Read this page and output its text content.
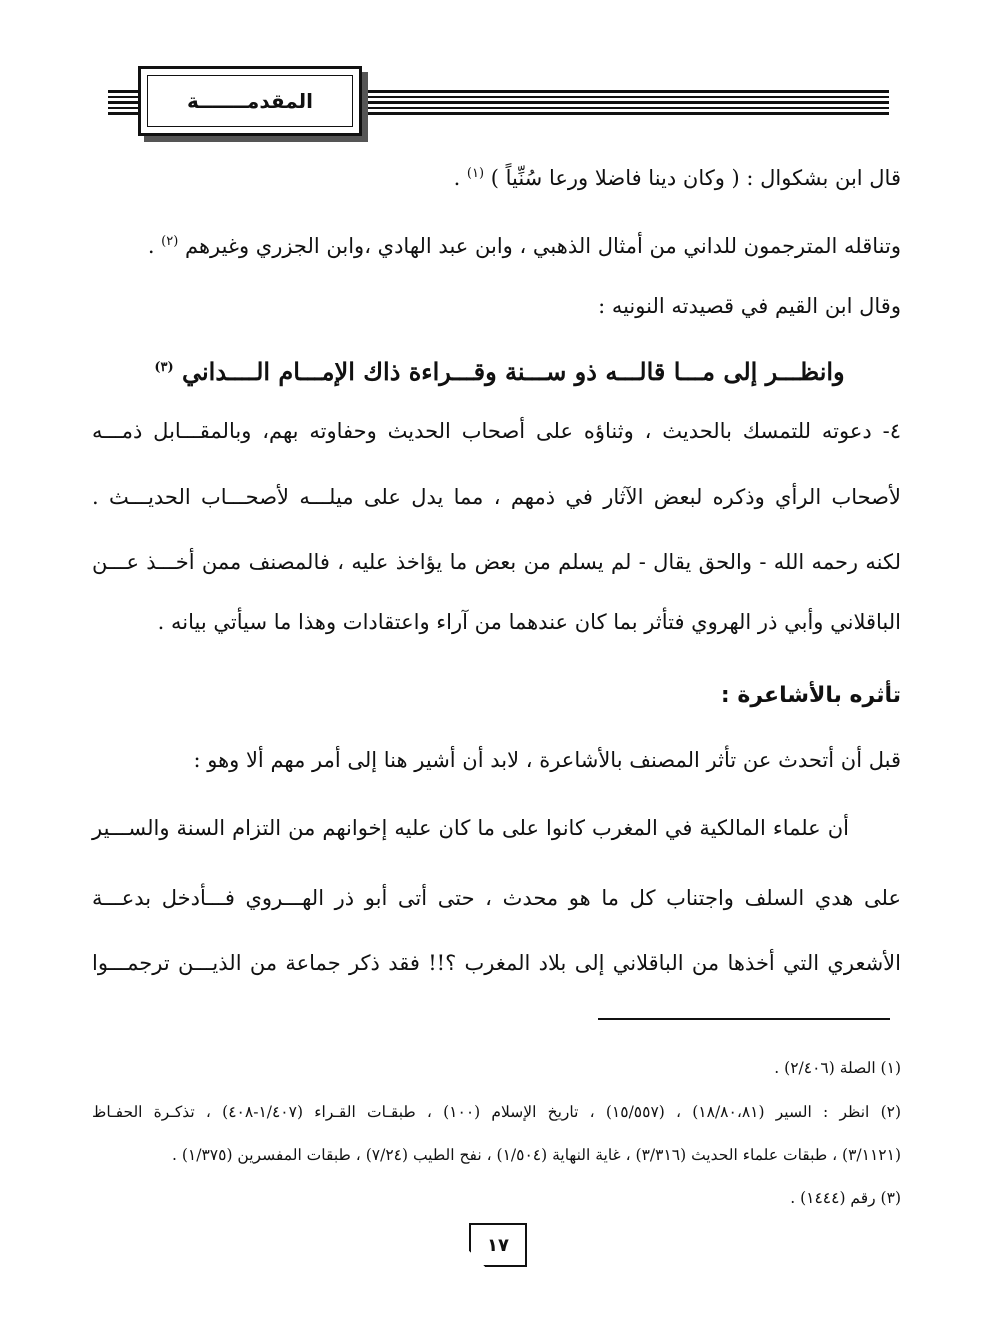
المقدمـــــــة
قال ابن بشكوال : ( وكان دينا فاضلا ورعا سُنِّياً ) $^{(١)}$ .
وتناقله المترجمون للداني من أمثال الذهبي ، وابن عبد الهادي ،وابن الجزري وغيرهم $^{(٢)}$ .
وقال ابن القيم في قصيدته النونيه :
وانظـــر إلى مـــا قالـــه ذو ســـنة وقـــراءة ذاك الإمـــام الــــداني $^{(٣)}$
٤- دعوته للتمسك بالحديث ، وثناؤه على أصحاب الحديث وحفاوته بهم، وبالمقـــابل ذمـــه
لأصحاب الرأي وذكره لبعض الآثار في ذمهم ، مما يدل على ميلـــه لأصحـــاب الحديـــث .
لكنه رحمه الله - والحق يقال - لم يسلم من بعض ما يؤاخذ عليه ، فالمصنف ممن أخـــذ عـــن
الباقلاني وأبي ذر الهروي فتأثر بما كان عندهما من آراء واعتقادات وهذا ما سيأتي بيانه .
تأثره بالأشاعرة :
قبل أن أتحدث عن تأثر المصنف بالأشاعرة ، لابد أن أشير هنا إلى أمر مهم ألا وهو :
أن علماء المالكية في المغرب كانوا على ما كان عليه إخوانهم من التزام السنة والســـير
على هدي السلف واجتناب كل ما هو محدث ، حتى أتى أبو ذر الهـــروي فـــأدخل بدعـــة
الأشعري التي أخذها من الباقلاني إلى بلاد المغرب ؟!! فقد ذكر جماعة من الذيـــن ترجمـــوا
(١) الصلة (٢/٤٠٦) .
(٢) انظر : السير (١٨/٨٠،٨١) ، (١٥/٥٥٧) ، تاريخ الإسلام (١٠٠) ، طبقـات القـراء (١/٤٠٧-٤٠٨) ، تذكـرة الحفـاظ
(٣/١١٢١) ، طبقات علماء الحديث (٣/٣١٦) ، غاية النهاية (١/٥٠٤) ، نفح الطيب (٧/٢٤) ، طبقات المفسرين (١/٣٧٥) .
(٣) رقم (١٤٤٤) .
١٧
